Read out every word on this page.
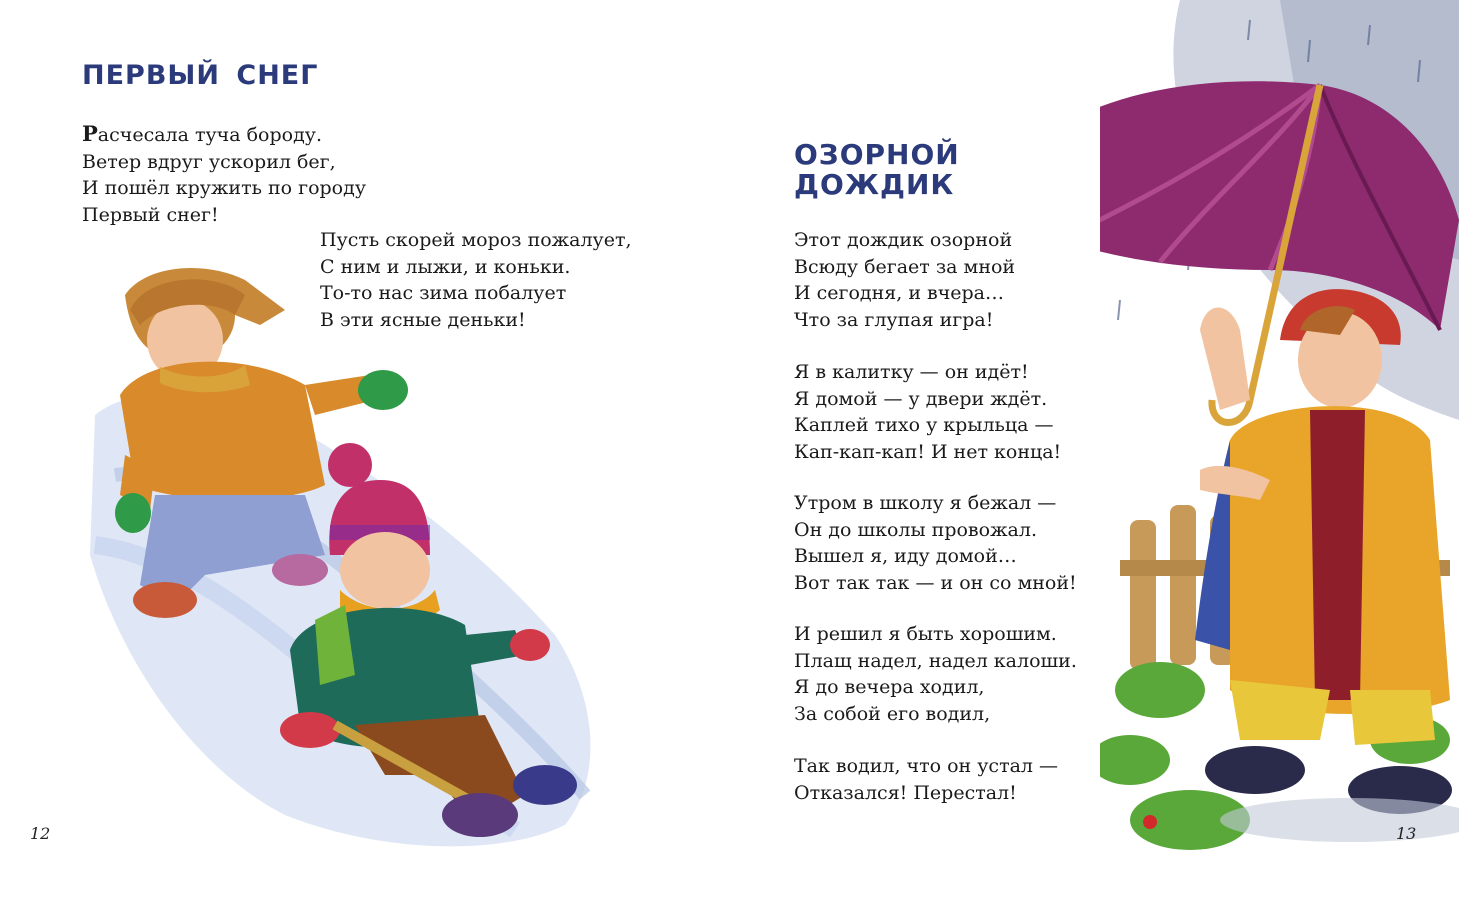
ПЕРВЫЙ СНЕГ
Расчесала туча бороду.
Ветер вдруг ускорил бег,
И пошёл кружить по городу
Первый снег!
Пусть скорей мороз пожалует,
С ним и лыжи, и коньки.
То-то нас зима побалует
В эти ясные деньки!
12
ОЗОРНОЙ
ДОЖДИК
Этот дождик озорной
Всюду бегает за мной
И сегодня, и вчера…
Что за глупая игра!
Я в калитку — он идёт!
Я домой — у двери ждёт.
Каплей тихо у крыльца —
Кап-кап-кап! И нет конца!
Утром в школу я бежал —
Он до школы провожал.
Вышел я, иду домой…
Вот так так — и он со мной!
И решил я быть хорошим.
Плащ надел, надел калоши.
Я до вечера ходил,
За собой его водил,
Так водил, что он устал —
Отказался! Перестал!
13
